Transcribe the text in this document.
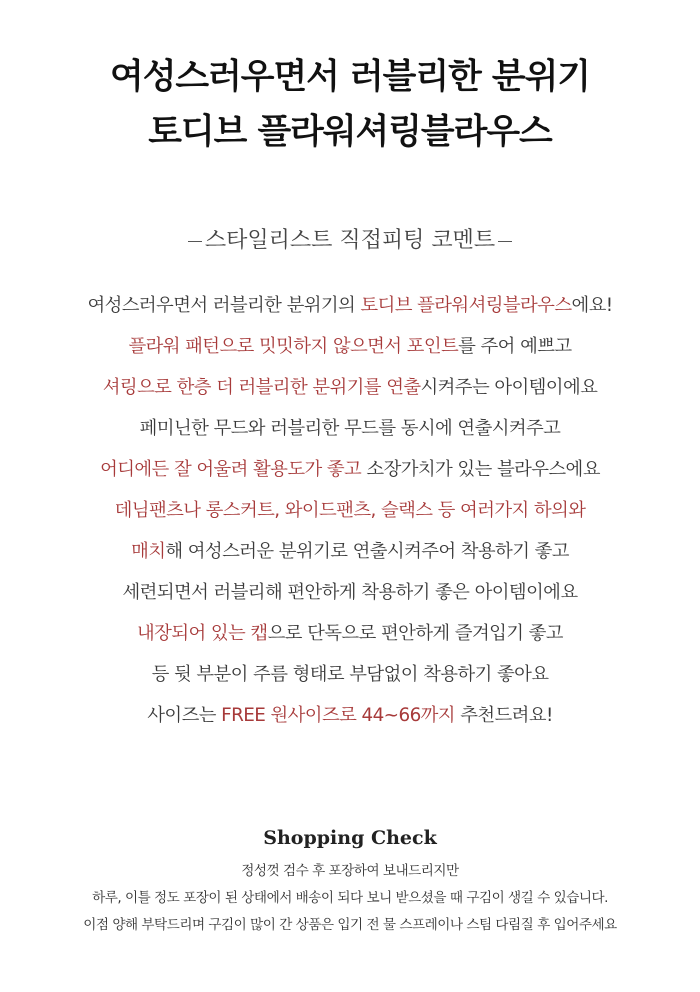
여성스러우면서 러블리한 분위기
토디브 플라워셔링블라우스
스타일리스트 직접피팅 코멘트
여성스러우면서 러블리한 분위기의 토디브 플라워셔링블라우스에요!
플라워 패턴으로 밋밋하지 않으면서 포인트를 주어 예쁘고
셔링으로 한층 더 러블리한 분위기를 연출시켜주는 아이템이에요
페미닌한 무드와 러블리한 무드를 동시에 연출시켜주고
어디에든 잘 어울려 활용도가 좋고 소장가치가 있는 블라우스에요
데님팬츠나 롱스커트, 와이드팬츠, 슬랙스 등 여러가지 하의와
매치해 여성스러운 분위기로 연출시켜주어 착용하기 좋고
세련되면서 러블리해 편안하게 착용하기 좋은 아이템이에요
내장되어 있는 캡으로 단독으로 편안하게 즐겨입기 좋고
등 뒷 부분이 주름 형태로 부담없이 착용하기 좋아요
사이즈는 FREE 원사이즈로 44~66까지 추천드려요!
Shopping Check
정성껏 검수 후 포장하여 보내드리지만
하루, 이틀 정도 포장이 된 상태에서 배송이 되다 보니 받으셨을 때 구김이 생길 수 있습니다.
이점 양해 부탁드리며 구김이 많이 간 상품은 입기 전 물 스프레이나 스팀 다림질 후 입어주세요
